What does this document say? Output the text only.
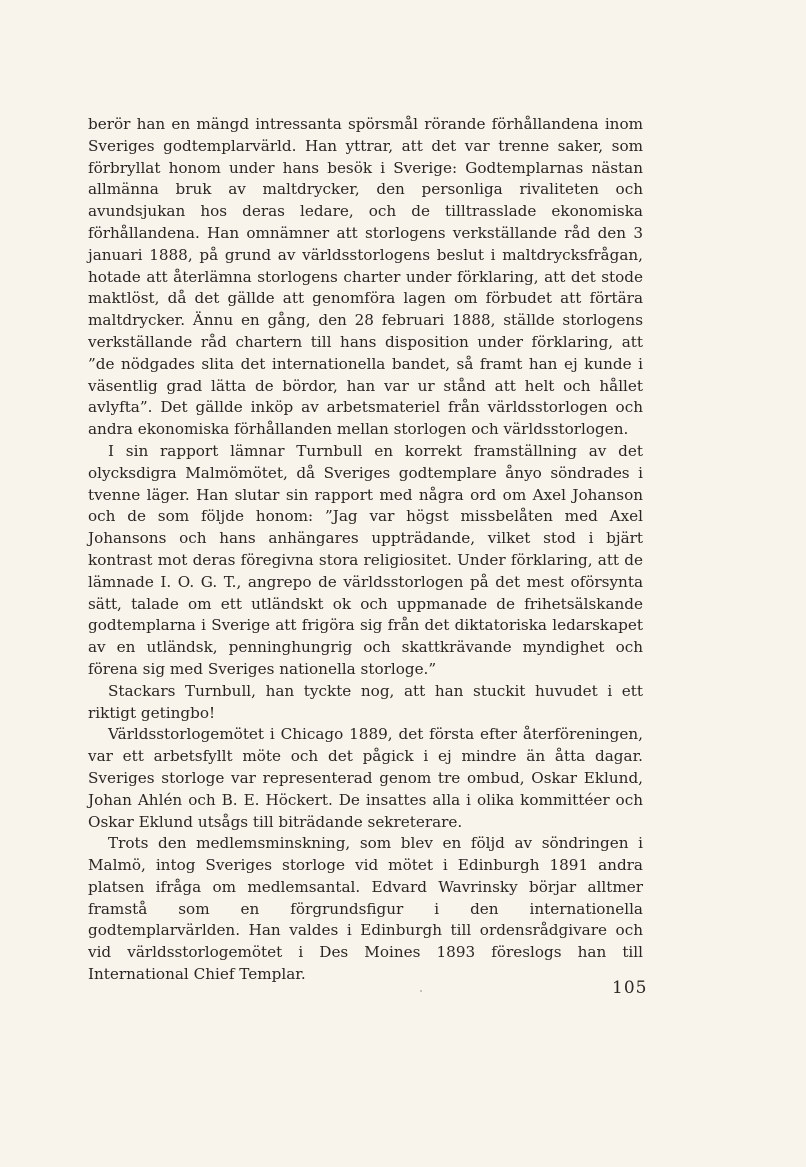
berör han en mängd intressanta spörsmål rörande förhållandena inom Sveriges godtemplarvärld. Han yttrar, att det var trenne saker, som förbryllat honom under hans besök i Sverige: Godtemplarnas nästan allmänna bruk av maltdrycker, den personliga rivaliteten och avundsjukan hos deras ledare, och de tilltrasslade ekonomiska förhållandena. Han omnämner att storlogens verkställande råd den 3 januari 1888, på grund av världsstorlogens beslut i maltdrycksfrågan, hotade att återlämna storlogens charter under förklaring, att det stode maktlöst, då det gällde att genomföra lagen om förbudet att förtära maltdrycker. Ännu en gång, den 28 februari 1888, ställde storlogens verkställande råd chartern till hans disposition under förklaring, att ”de nödgades slita det internationella bandet, så framt han ej kunde i väsentlig grad lätta de bördor, han var ur stånd att helt och hållet avlyfta”. Det gällde inköp av arbetsmateriel från världsstorlogen och andra ekonomiska förhållanden mellan storlogen och världsstorlogen.

I sin rapport lämnar Turnbull en korrekt framställning av det olycksdigra Malmömötet, då Sveriges godtemplare ånyo söndrades i tvenne läger. Han slutar sin rapport med några ord om Axel Johanson och de som följde honom: ”Jag var högst missbelåten med Axel Johansons och hans anhängares uppträdande, vilket stod i bjärt kontrast mot deras föregivna stora religiositet. Under förklaring, att de lämnade I. O. G. T., angrepo de världsstorlogen på det mest oförsynta sätt, talade om ett utländskt ok och uppmanade de frihetsälskande godtemplarna i Sverige att frigöra sig från det diktatoriska ledarskapet av en utländsk, penninghungrig och skattkrävande myndighet och förena sig med Sveriges nationella storloge.”

Stackars Turnbull, han tyckte nog, att han stuckit huvudet i ett riktigt getingbo!

Världsstorlogemötet i Chicago 1889, det första efter återföreningen, var ett arbetsfyllt möte och det pågick i ej mindre än åtta dagar. Sveriges storloge var representerad genom tre ombud, Oskar Eklund, Johan Ahlén och B. E. Höckert. De insattes alla i olika kommittéer och Oskar Eklund utsågs till biträdande sekreterare.

Trots den medlemsminskning, som blev en följd av söndringen i Malmö, intog Sveriges storloge vid mötet i Edinburgh 1891 andra platsen ifråga om medlemsantal. Edvard Wavrinsky börjar alltmer framstå som en förgrundsfigur i den internationella godtemplarvärlden. Han valdes i Edinburgh till ordensrådgivare och vid världsstorlogemötet i Des Moines 1893 föreslogs han till International Chief Templar.

105
